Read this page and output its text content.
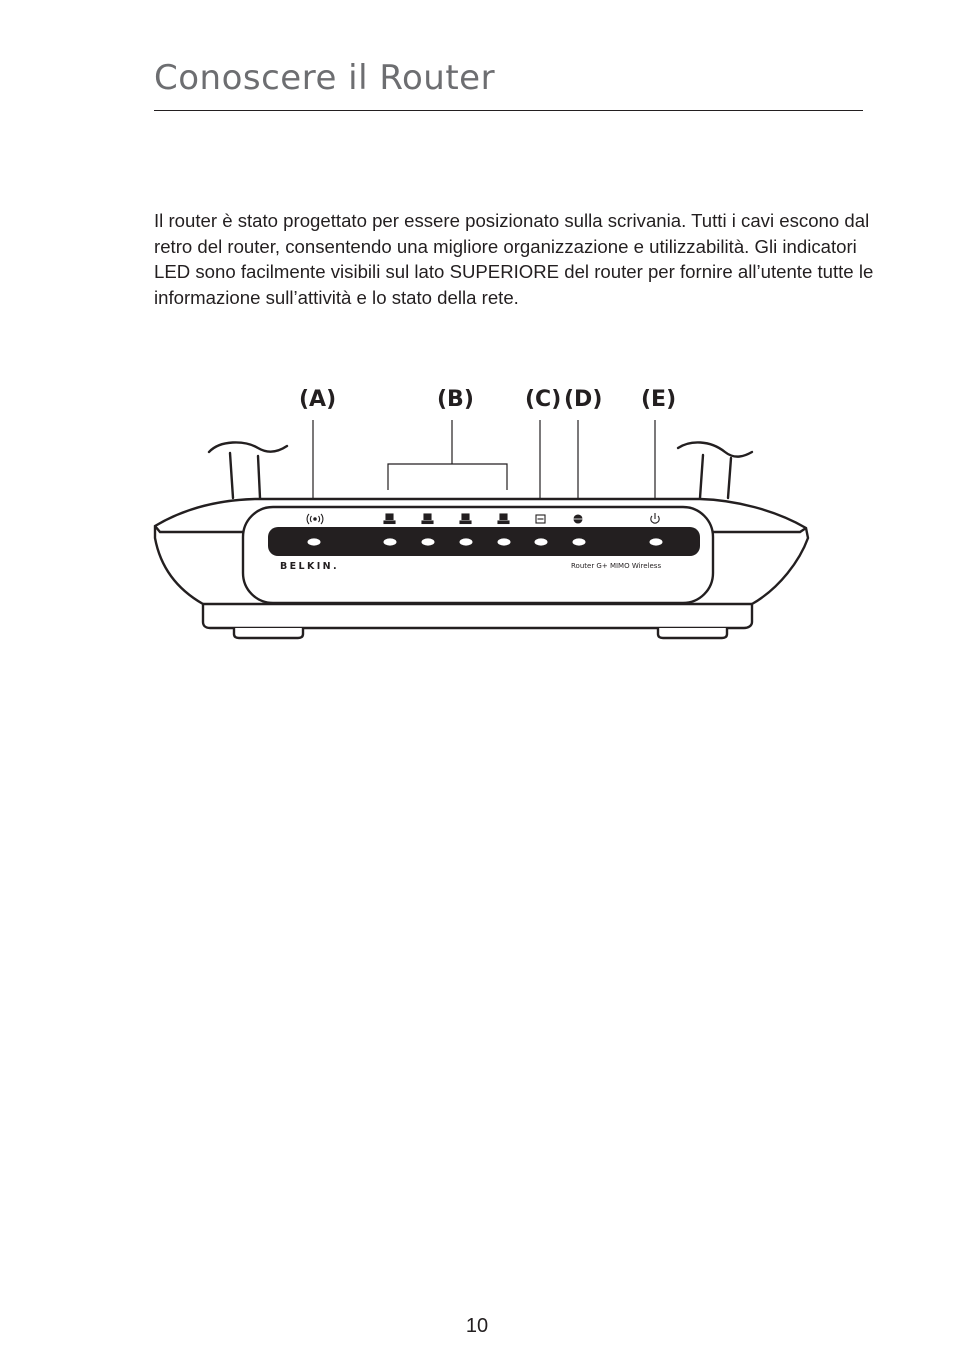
Conoscere il Router

Il router è stato progettato per essere posizionato sulla scrivania. Tutti i cavi escono dal retro del router, consentendo una migliore organizzazione e utilizzabilità. Gli indicatori LED sono facilmente visibili sul lato SUPERIORE del router per fornire all’utente tutte le informazione sull’attività e lo stato della rete.

(A)	(B) (C) (D) (E)
BELKIN.	Router G+ MIMO Wireless
10
